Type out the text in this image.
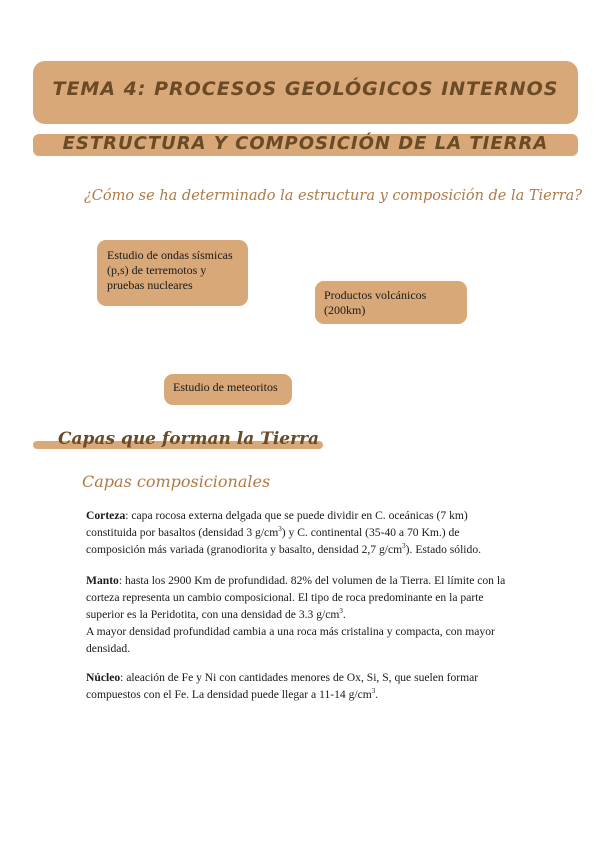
TEMA 4: PROCESOS GEOLÓGICOS INTERNOS
ESTRUCTURA Y COMPOSICIÓN DE LA TIERRA
¿Cómo se ha determinado la estructura y composición de la Tierra?
Estudio de ondas sísmicas (p,s) de terremotos y pruebas nucleares
Productos volcánicos (200km)
Estudio de meteoritos
Capas que forman la Tierra
Capas composicionales

Corteza: capa rocosa externa delgada que se puede dividir en C. oceánicas (7 km) constituida por basaltos (densidad 3 $g/cm^3$) y C. continental (35-40 a 70 Km.) de composición más variada (granodiorita y basalto, densidad 2,7 $g/cm^3$). Estado sólido.

Manto: hasta los 2900 Km de profundidad. 82% del volumen de la Tierra. El límite con la corteza representa un cambio composicional. El tipo de roca predominante en la parte superior es la Peridotita, con una densidad de 3.3 $g/cm^3$.
A mayor densidad profundidad cambia a una roca más cristalina y compacta, con mayor densidad.

Núcleo: aleación de Fe y Ni con cantidades menores de Ox, Si, S, que suelen formar compuestos con el Fe. La densidad puede llegar a 11-14 $g/cm^3$.
